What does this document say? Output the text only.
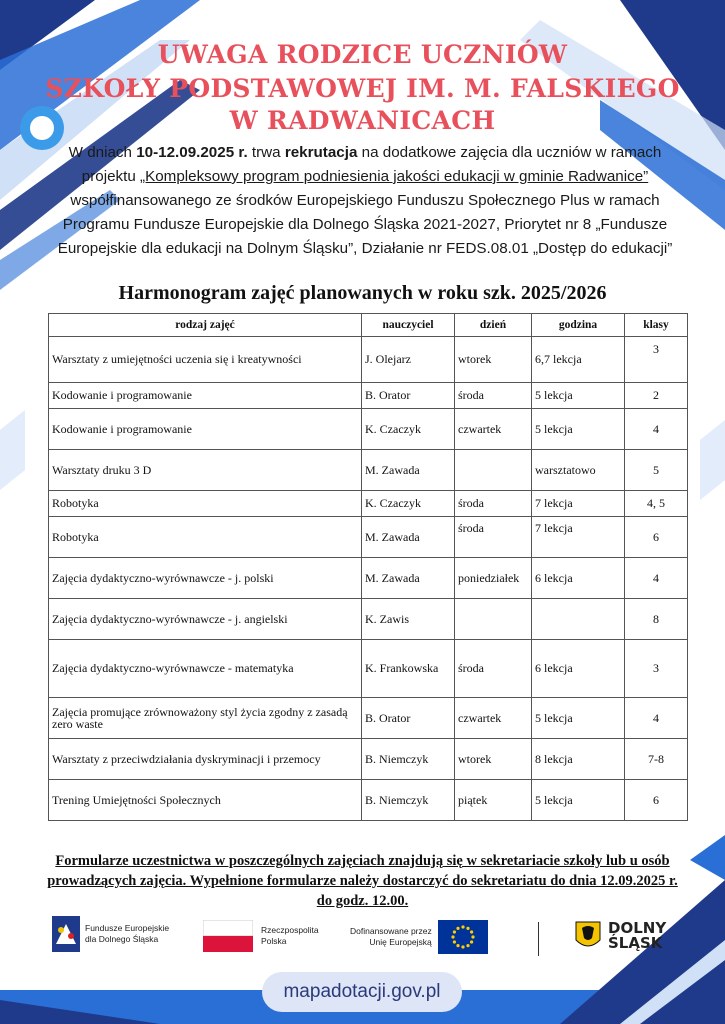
UWAGA RODZICE UCZNIÓW
SZKOŁY PODSTAWOWEJ IM. M. FALSKIEGO
W RADWANICACH
W dniach 10-12.09.2025 r. trwa rekrutacja na dodatkowe zajęcia dla uczniów w ramach projektu „Kompleksowy program podniesienia jakości edukacji w gminie Radwanice” współfinansowanego ze środków Europejskiego Funduszu Społecznego Plus w ramach Programu Fundusze Europejskie dla Dolnego Śląska 2021-2027, Priorytet nr 8 „Fundusze Europejskie dla edukacji na Dolnym Śląsku”, Działanie nr FEDS.08.01 „Dostęp do edukacji”
Harmonogram zajęć planowanych w roku szk. 2025/2026
rodzaj zajęć	nauczyciel	dzień	godzina	klasy
Warsztaty z umiejętności uczenia się i kreatywności	J. Olejarz	wtorek	6,7 lekcja	3
Kodowanie i programowanie	B. Orator	środa	5 lekcja	2
Kodowanie i programowanie	K. Czaczyk	czwartek	5 lekcja	4
Warsztaty druku 3 D	M. Zawada		warsztatowo	5
Robotyka	K. Czaczyk	środa	7 lekcja	4, 5
Robotyka	M. Zawada	środa	7 lekcja	6
Zajęcia dydaktyczno-wyrównawcze - j. polski	M. Zawada	poniedziałek	6 lekcja	4
Zajęcia dydaktyczno-wyrównawcze - j. angielski	K. Zawis			8
Zajęcia dydaktyczno-wyrównawcze - matematyka	K. Frankowska	środa	6 lekcja	3
Zajęcia promujące zrównoważony styl życia zgodny z zasadą zero waste	B. Orator	czwartek	5 lekcja	4
Warsztaty z przeciwdziałania dyskryminacji i przemocy	B. Niemczyk	wtorek	8 lekcja	7-8
Trening Umiejętności Społecznych	B. Niemczyk	piątek	5 lekcja	6
Formularze uczestnictwa w poszczególnych zajęciach znajdują się w sekretariacie szkoły lub u osób prowadzących zajęcia. Wypełnione formularze należy dostarczyć do sekretariatu do dnia 12.09.2025 r. do godz. 12.00.
Fundusze Europejskie
dla Dolnego Śląska
Rzeczpospolita
Polska
Dofinansowane przez
Unię Europejską
DOLNY
ŚLĄSK
mapadotacji.gov.pl
